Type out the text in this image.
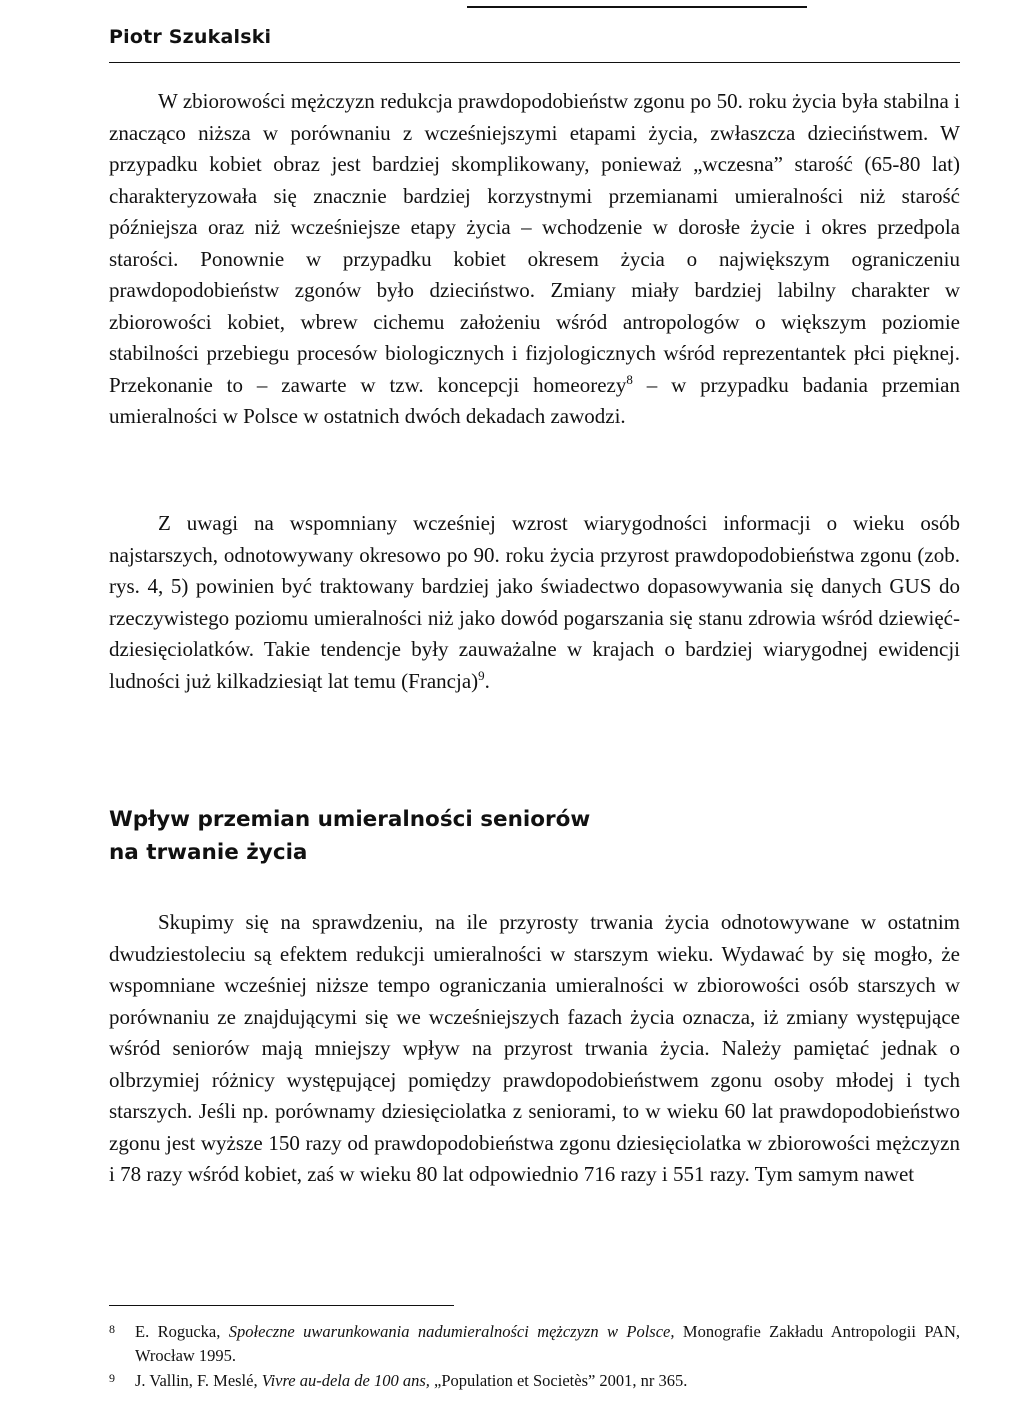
Piotr Szukalski

W zbiorowości mężczyzn redukcja prawdopodobieństw zgonu po 50. roku życia była stabilna i znacząco niższa w porównaniu z wcześniejszymi etapami życia, zwłaszcza dzieciństwem. W przypadku kobiet obraz jest bardziej skomplikowany, ponieważ „wczesna” starość (65-80 lat) charakteryzowała się znacznie bardziej korzystnymi przemianami umieralności niż starość późniejsza oraz niż wcześniejsze etapy życia – wchodzenie w dorosłe życie i okres przedpola starości. Ponownie w przypadku kobiet okresem życia o największym ograniczeniu prawdopodobieństw zgonów było dzieciństwo. Zmiany miały bardziej labilny charakter w zbiorowości kobiet, wbrew cichemu założeniu wśród antropologów o większym poziomie stabilności przebiegu procesów biologicznych i fizjologicznych wśród reprezentantek płci pięknej. Przekonanie to – zawarte w tzw. koncepcji homeorezy$^8$ – w przypadku badania przemian umieralności w Polsce w ostatnich dwóch dekadach zawodzi.

Z uwagi na wspomniany wcześniej wzrost wiarygodności informacji o wieku osób najstarszych, odnotowywany okresowo po 90. roku życia przyrost prawdopodobieństwa zgonu (zob. rys. 4, 5) powinien być traktowany bardziej jako świadectwo dopasowywania się danych GUS do rzeczywistego poziomu umieralności niż jako dowód pogarszania się stanu zdrowia wśród dziewięćdziesięciolatków. Takie tendencje były zauważalne w krajach o bardziej wiarygodnej ewidencji ludności już kilkadziesiąt lat temu (Francja)$^9$.

Wpływ przemian umieralności seniorów
na trwanie życia

Skupimy się na sprawdzeniu, na ile przyrosty trwania życia odnotowywane w ostatnim dwudziestoleciu są efektem redukcji umieralności w starszym wieku. Wydawać by się mogło, że wspomniane wcześniej niższe tempo ograniczania umieralności w zbiorowości osób starszych w porównaniu ze znajdującymi się we wcześniejszych fazach życia oznacza, iż zmiany występujące wśród seniorów mają mniejszy wpływ na przyrost trwania życia. Należy pamiętać jednak o olbrzymiej różnicy występującej pomiędzy prawdopodobieństwem zgonu osoby młodej i tych starszych. Jeśli np. porównamy dziesięciolatka z seniorami, to w wieku 60 lat prawdopodobieństwo zgonu jest wyższe 150 razy od prawdopodobieństwa zgonu dziesięciolatka w zbiorowości mężczyzn i 78 razy wśród kobiet, zaś w wieku 80 lat odpowiednio 716 razy i 551 razy. Tym samym nawet

8 E. Rogucka, Społeczne uwarunkowania nadumieralności mężczyzn w Polsce, Monografie Zakładu Antropologii PAN, Wrocław 1995.
9 J. Vallin, F. Meslé, Vivre au-dela de 100 ans, „Population et Societès” 2001, nr 365.
